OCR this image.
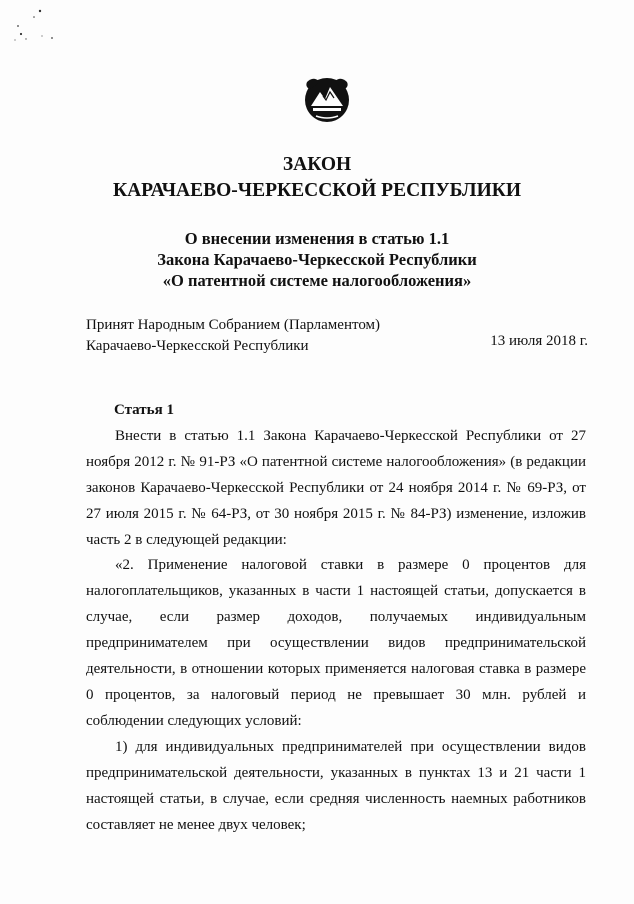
ЗАКОН
КАРАЧАЕВО-ЧЕРКЕССКОЙ РЕСПУБЛИКИ
О внесении изменения в статью 1.1
Закона Карачаево-Черкесской Республики
«О патентной системе налогообложения»
Принят Народным Собранием (Парламентом)
Карачаево-Черкесской Республики	13 июля 2018 г.
Статья 1

Внести в статью 1.1 Закона Карачаево-Черкесской Республики от 27 ноября 2012 г. № 91-РЗ «О патентной системе налогообложения» (в редакции законов Карачаево-Черкесской Республики от 24 ноября 2014 г. № 69-РЗ, от 27 июля 2015 г. № 64-РЗ, от 30 ноября 2015 г. № 84-РЗ) изменение, изложив часть 2 в следующей редакции:

«2. Применение налоговой ставки в размере 0 процентов для налогоплательщиков, указанных в части 1 настоящей статьи, допускается в случае, если размер доходов, получаемых индивидуальным предпринимателем при осуществлении видов предпринимательской деятельности, в отношении которых применяется налоговая ставка в размере 0 процентов, за налоговый период не превышает 30 млн. рублей и соблюдении следующих условий:

1) для индивидуальных предпринимателей при осуществлении видов предпринимательской деятельности, указанных в пунктах 13 и 21 части 1 настоящей статьи, в случае, если средняя численность наемных работников составляет не менее двух человек;
